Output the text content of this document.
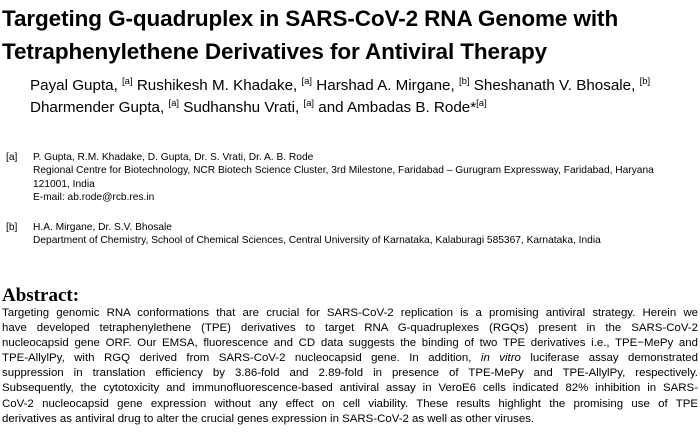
Targeting G-quadruplex in SARS-CoV-2 RNA Genome with
Tetraphenylethene Derivatives for Antiviral Therapy
Payal Gupta, [a] Rushikesh M. Khadake, [a] Harshad A. Mirgane, [b] Sheshanath V. Bhosale, [b]
Dharmender Gupta, [a] Sudhanshu Vrati, [a] and Ambadas B. Rode*[a]
[a] P. Gupta, R.M. Khadake, D. Gupta, Dr. S. Vrati, Dr. A. B. Rode
Regional Centre for Biotechnology, NCR Biotech Science Cluster, 3rd Milestone, Faridabad – Gurugram Expressway, Faridabad, Haryana
121001, India
E-mail: ab.rode@rcb.res.in
[b] H.A. Mirgane, Dr. S.V. Bhosale
Department of Chemistry, School of Chemical Sciences, Central University of Karnataka, Kalaburagi 585367, Karnataka, India
Abstract:
Targeting genomic RNA conformations that are crucial for SARS-CoV-2 replication is a promising antiviral strategy. Herein we
have developed tetraphenylethene (TPE) derivatives to target RNA G-quadruplexes (RGQs) present in the SARS-CoV-2
nucleocapsid gene ORF. Our EMSA, fluorescence and CD data suggests the binding of two TPE derivatives i.e., TPE−MePy and
TPE-AllylPy, with RGQ derived from SARS-CoV-2 nucleocapsid gene. In addition, in vitro luciferase assay demonstrated
suppression in translation efficiency by 3.86-fold and 2.89-fold in presence of TPE-MePy and TPE-AllylPy, respectively.
Subsequently, the cytotoxicity and immunofluorescence-based antiviral assay in VeroE6 cells indicated 82% inhibition in SARS-
CoV-2 nucleocapsid gene expression without any effect on cell viability. These results highlight the promising use of TPE
derivatives as antiviral drug to alter the crucial genes expression in SARS-CoV-2 as well as other viruses.
